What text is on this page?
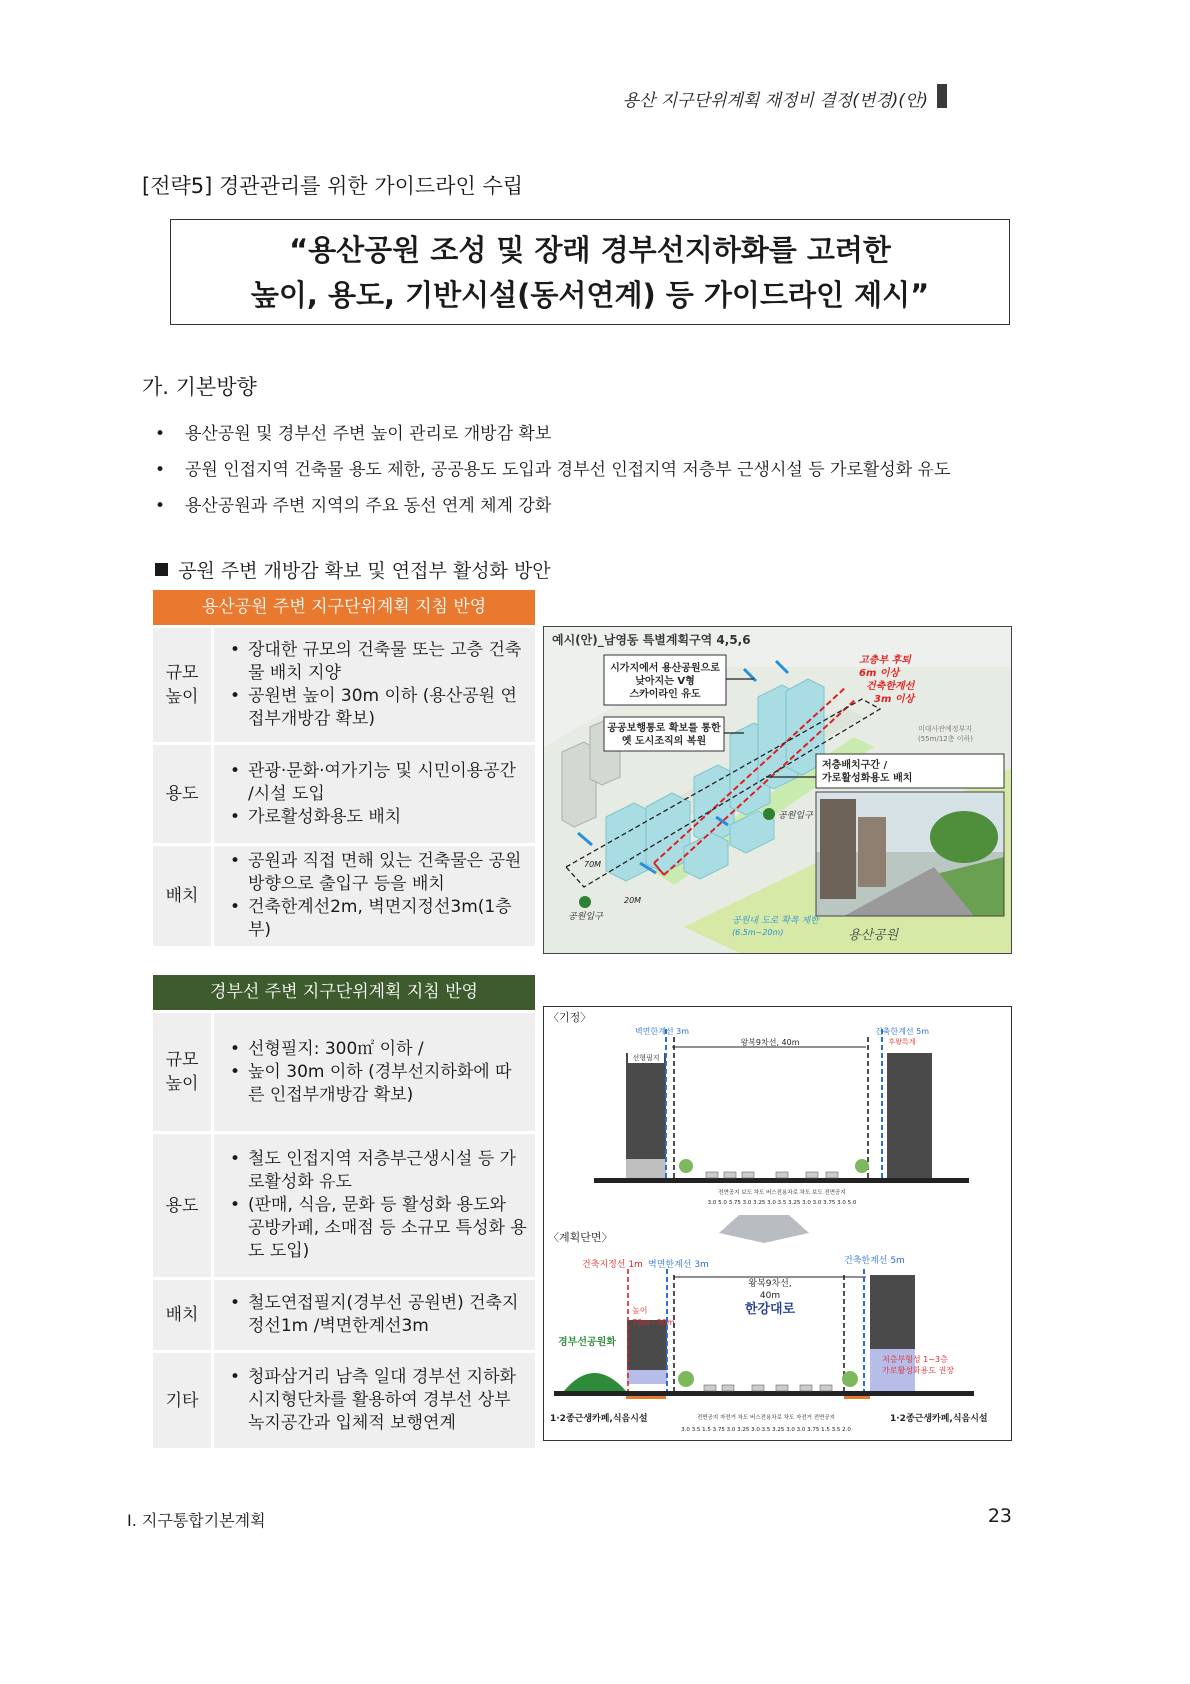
용산 지구단위계획 재정비 결정(변경)(안)
[전략5] 경관관리를 위한 가이드라인 수립
“용산공원 조성 및 장래 경부선지하화를 고려한
높이, 용도, 기반시설(동서연계) 등 가이드라인 제시”
가. 기본방향
• 용산공원 및 경부선 주변 높이 관리로 개방감 확보
• 공원 인접지역 건축물 용도 제한, 공공용도 도입과 경부선 인접지역 저층부 근생시설 등 가로활성화 유도
• 용산공원과 주변 지역의 주요 동선 연계 체계 강화
공원 주변 개방감 확보 및 연접부 활성화 방안
용산공원 주변 지구단위계획 지침 반영
규모
높이
• 장대한 규모의 건축물 또는 고층 건축물 배치 지양
• 공원변 높이 30m 이하 (용산공원 연접부개방감 확보)
용도
• 관광·문화·여가기능 및 시민이용공간 /시설 도입
• 가로활성화용도 배치
배치
• 공원과 직접 면해 있는 건축물은 공원방향으로 출입구 등을 배치
• 건축한계선2m, 벽면지정선3m(1층부)
경부선 주변 지구단위계획 지침 반영
규모
높이
• 선형필지: 300㎡ 이하 /
• 높이 30m 이하 (경부선지하화에 따른 인접부개방감 확보)
용도
• 철도 인접지역 저층부근생시설 등 가로활성화 유도
• (판매, 식음, 문화 등 활성화 용도와 공방카페, 소매점 등 소규모 특성화 용도 도입)
배치
• 철도연접필지(경부선 공원변) 건축지정선1m /벽면한계선3m
기타
• 청파삼거리 남측 일대 경부선 지하화 시지형단차를 활용하여 경부선 상부 녹지공간과 입체적 보행연계
예시(안)_남영동 특별계획구역 4,5,6
시가지에서 용산공원으로
낮아지는 V형
스카이라인 유도
공공보행통로 확보를 통한
옛 도시조직의 복원
저층배치구간 /
가로활성화용도 배치
고층부 후퇴
6m 이상
건축한계선
3m 이상
미대사관예정부지
(55m/12층 이하)
공원입구
공원입구
70M
20M
공원내 도로 확폭 제한
(6.5m~20m)	용산공원
〈기정〉
벽면한계선 3m	건축한계선 5m
후왕특계
왕복9차선, 40m
선형필지
전면공지 보도 차도 버스전용차로 차도 보도 전면공지
3.0 5.0 3.75 3.0 3.25 3.0 3.5 3.25 3.0 3.0 3.75 3.0 5.0
〈계획단면〉
건축지정선 1m 벽면한계선 3m	건축한계선 5m
왕복9차선,
40m
한강대로
높이
70m~30m
경부선공원화
저층부형성 1~3층
가로활성화용도 권장
1·2종근생카페,식음시설	1·2종근생카페,식음시설
전면공지 자전거 차도 버스전용차로 차도 자전거 전면공지
3.0 3.5 1.5 3.75 3.0 3.25 3.0 3.5 3.25 3.0 3.0 3.75 1.5 3.5 2.0
Ⅰ. 지구통합기본계획	23
